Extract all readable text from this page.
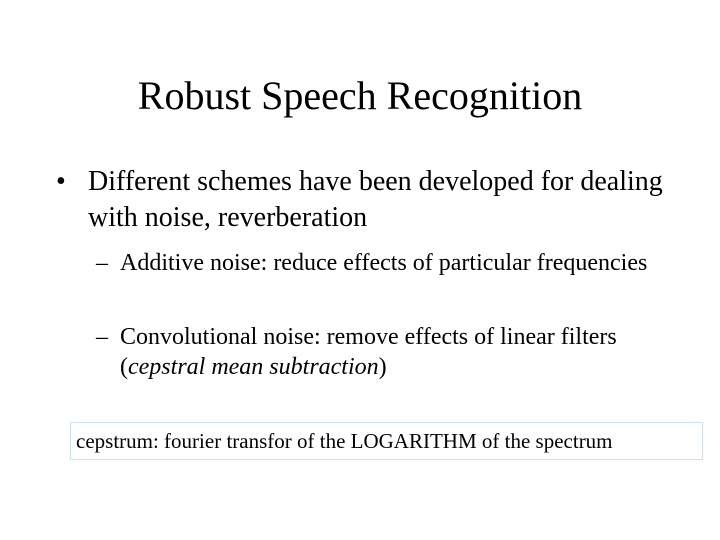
Robust Speech Recognition
• Different schemes have been developed for dealing with noise, reverberation
– Additive noise: reduce effects of particular frequencies
– Convolutional noise: remove effects of linear filters (cepstral mean subtraction)
cepstrum: fourier transfor of the LOGARITHM of the spectrum
